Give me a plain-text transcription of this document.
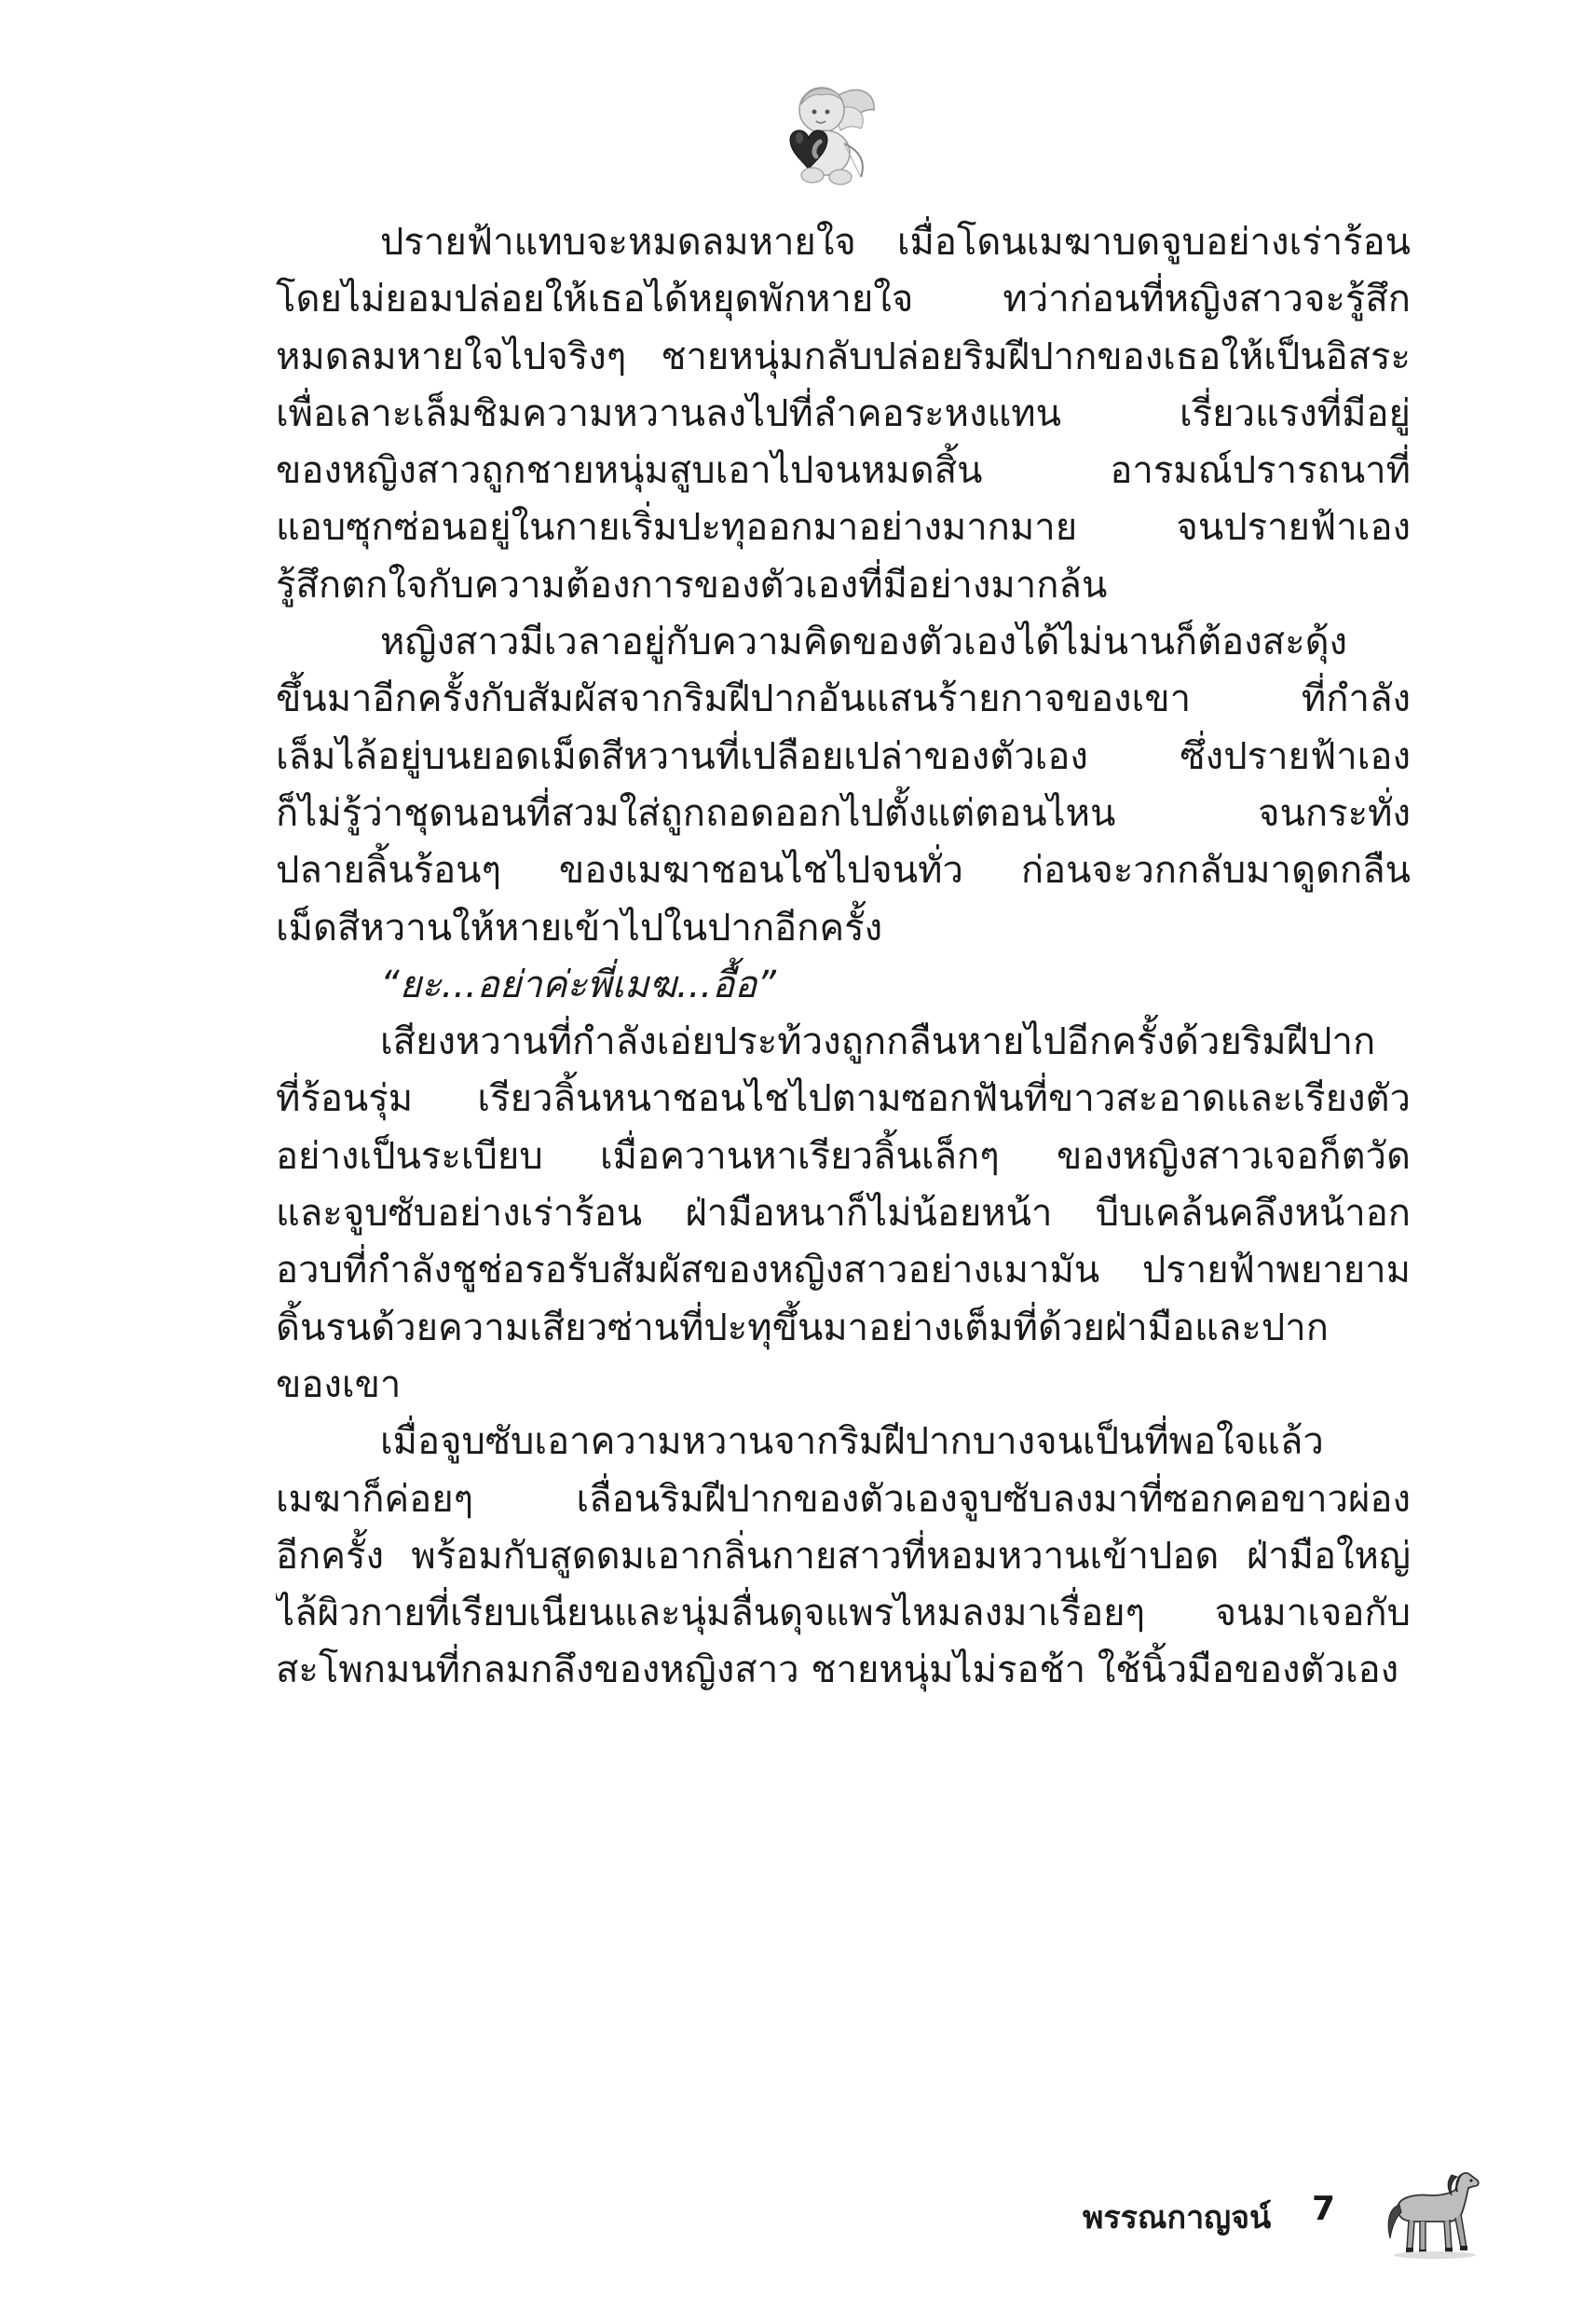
ปรายฟ้าแทบจะหมดลมหายใจ เมื่อโดนเมฆาบดจูบอย่างเร่าร้อน
โดยไม่ยอมปล่อยให้เธอได้หยุดพักหายใจ ทว่าก่อนที่หญิงสาวจะรู้สึก
หมดลมหายใจไปจริงๆ ชายหนุ่มกลับปล่อยริมฝีปากของเธอให้เป็นอิสระ
เพื่อเลาะเล็มชิมความหวานลงไปที่ลำคอระหงแทน เรี่ยวแรงที่มีอยู่
ของหญิงสาวถูกชายหนุ่มสูบเอาไปจนหมดสิ้น อารมณ์ปรารถนาที่
แอบซุกซ่อนอยู่ในกายเริ่มปะทุออกมาอย่างมากมาย จนปรายฟ้าเอง
รู้สึกตกใจกับความต้องการของตัวเองที่มีอย่างมากล้น

หญิงสาวมีเวลาอยู่กับความคิดของตัวเองได้ไม่นานก็ต้องสะดุ้ง
ขึ้นมาอีกครั้งกับสัมผัสจากริมฝีปากอันแสนร้ายกาจของเขา ที่กำลัง
เล็มไล้อยู่บนยอดเม็ดสีหวานที่เปลือยเปล่าของตัวเอง ซึ่งปรายฟ้าเอง
ก็ไม่รู้ว่าชุดนอนที่สวมใส่ถูกถอดออกไปตั้งแต่ตอนไหน จนกระทั่ง
ปลายลิ้นร้อนๆ ของเมฆาชอนไชไปจนทั่ว ก่อนจะวกกลับมาดูดกลืน
เม็ดสีหวานให้หายเข้าไปในปากอีกครั้ง

“ยะ...อย่าค่ะพี่เมฆ...อื้อ”

เสียงหวานที่กำลังเอ่ยประท้วงถูกกลืนหายไปอีกครั้งด้วยริมฝีปาก
ที่ร้อนรุ่ม เรียวลิ้นหนาชอนไชไปตามซอกฟันที่ขาวสะอาดและเรียงตัว
อย่างเป็นระเบียบ เมื่อควานหาเรียวลิ้นเล็กๆ ของหญิงสาวเจอก็ตวัด
และจูบซับอย่างเร่าร้อน ฝ่ามือหนาก็ไม่น้อยหน้า บีบเคล้นคลึงหน้าอก
อวบที่กำลังชูช่อรอรับสัมผัสของหญิงสาวอย่างเมามัน ปรายฟ้าพยายาม
ดิ้นรนด้วยความเสียวซ่านที่ปะทุขึ้นมาอย่างเต็มที่ด้วยฝ่ามือและปาก
ของเขา

เมื่อจูบซับเอาความหวานจากริมฝีปากบางจนเป็นที่พอใจแล้ว
เมฆาก็ค่อยๆ เลื่อนริมฝีปากของตัวเองจูบซับลงมาที่ซอกคอขาวผ่อง
อีกครั้ง พร้อมกับสูดดมเอากลิ่นกายสาวที่หอมหวานเข้าปอด ฝ่ามือใหญ่
ไล้ผิวกายที่เรียบเนียนและนุ่มลื่นดุจแพรไหมลงมาเรื่อยๆ จนมาเจอกับ
สะโพกมนที่กลมกลึงของหญิงสาว ชายหนุ่มไม่รอช้า ใช้นิ้วมือของตัวเอง

พรรณกาญจน์ 7
